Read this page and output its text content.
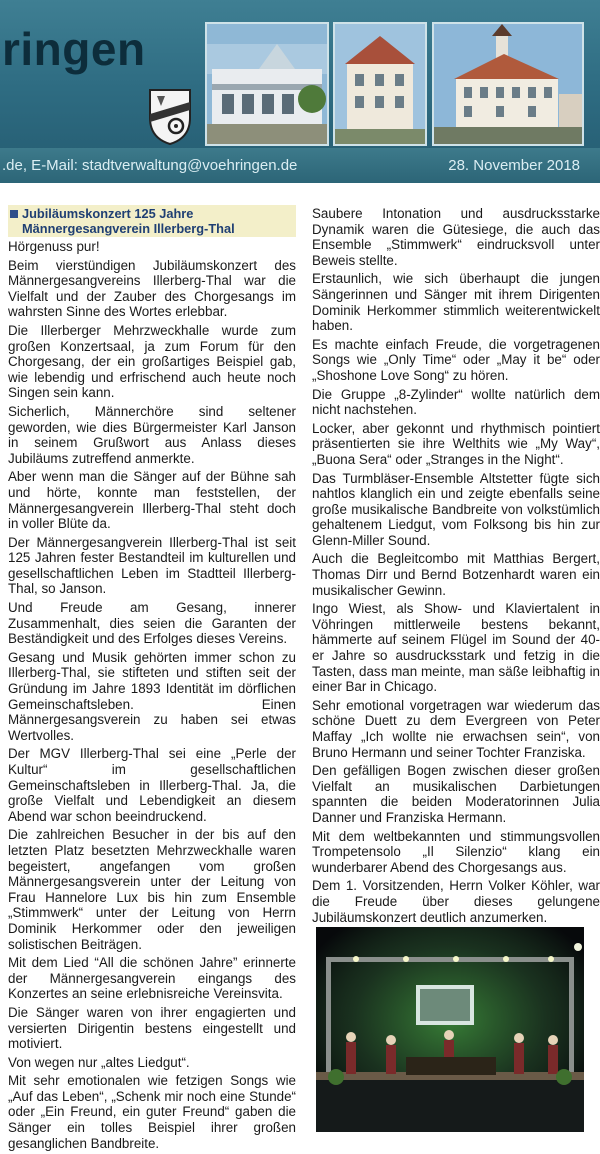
ringen
.de, E-Mail: stadtverwaltung@voehringen.de	28. November 2018
Jubiläumskonzert 125 Jahre
Männergesangverein Illerberg-Thal

Hörgenuss pur!

Beim vierstündigen Jubiläumskonzert des Männergesangvereins Illerberg-Thal war die Vielfalt und der Zauber des Chorgesangs im wahrsten Sinne des Wortes erlebbar.

Die Illerberger Mehrzweckhalle wurde zum großen Konzertsaal, ja zum Forum für den Chorgesang, der ein großartiges Beispiel gab, wie lebendig und erfrischend auch heute noch Singen sein kann.

Sicherlich, Männerchöre sind seltener geworden, wie dies Bürgermeister Karl Janson in seinem Grußwort aus Anlass dieses Jubiläums zutreffend anmerkte.

Aber wenn man die Sänger auf der Bühne sah und hörte, konnte man feststellen, der Männergesangverein Illerberg-Thal steht doch in voller Blüte da.

Der Männergesangverein Illerberg-Thal ist seit 125 Jahren fester Bestandteil im kulturellen und gesellschaftlichen Leben im Stadtteil Illerberg-Thal, so Janson.

Und Freude am Gesang, innerer Zusammenhalt, dies seien die Garanten der Beständigkeit und des Erfolges dieses Vereins.

Gesang und Musik gehörten immer schon zu Illerberg-Thal, sie stifteten und stiften seit der Gründung im Jahre 1893 Identität im dörflichen Gemeinschaftsleben. Einen Männergesangsverein zu haben sei etwas Wertvolles.

Der MGV Illerberg-Thal sei eine „Perle der Kultur“ im gesellschaftlichen Gemeinschaftsleben in Illerberg-Thal. Ja, die große Vielfalt und Lebendigkeit an diesem Abend war schon beeindruckend.

Die zahlreichen Besucher in der bis auf den letzten Platz besetzten Mehrzweckhalle waren begeistert, angefangen vom großen Männergesangsverein unter der Leitung von Frau Hannelore Lux bis hin zum Ensemble „Stimmwerk“ unter der Leitung von Herrn Dominik Herkommer oder den jeweiligen solistischen Beiträgen.

Mit dem Lied “All die schönen Jahre” erinnerte der Männergesangverein eingangs des Konzertes an seine erlebnisreiche Vereinsvita.

Die Sänger waren von ihrer engagierten und versierten Dirigentin bestens eingestellt und motiviert.

Von wegen nur „altes Liedgut“.

Mit sehr emotionalen wie fetzigen Songs wie „Auf das Leben“, „Schenk mir noch eine Stunde“ oder „Ein Freund, ein guter Freund“ gaben die Sänger ein tolles Beispiel ihrer großen gesanglichen Bandbreite.

Saubere Intonation und ausdrucksstarke Dynamik waren die Gütesiege, die auch das Ensemble „Stimmwerk“ eindrucksvoll unter Beweis stellte.

Erstaunlich, wie sich überhaupt die jungen Sängerinnen und Sänger mit ihrem Dirigenten Dominik Herkommer stimmlich weiterentwickelt haben.

Es machte einfach Freude, die vorgetragenen Songs wie „Only Time“ oder „May it be“ oder „Shoshone Love Song“ zu hören.

Die Gruppe „8-Zylinder“ wollte natürlich dem nicht nachstehen.

Locker, aber gekonnt und rhythmisch pointiert präsentierten sie ihre Welthits wie „My Way“, „Buona Sera“ oder „Stranges in the Night“.

Das Turmbläser-Ensemble Altstetter fügte sich nahtlos klanglich ein und zeigte ebenfalls seine große musikalische Bandbreite von volkstümlich gehaltenem Liedgut, vom Folksong bis hin zur Glenn-Miller Sound.

Auch die Begleitcombo mit Matthias Bergert, Thomas Dirr und Bernd Botzenhardt waren ein musikalischer Gewinn.

Ingo Wiest, als Show- und Klaviertalent in Vöhringen mittlerweile bestens bekannt, hämmerte auf seinem Flügel im Sound der 40-er Jahre so ausdrucksstark und fetzig in die Tasten, dass man meinte, man säße leibhaftig in einer Bar in Chicago.

Sehr emotional vorgetragen war wiederum das schöne Duett zu dem Evergreen von Peter Maffay „Ich wollte nie erwachsen sein“, von Bruno Hermann und seiner Tochter Franziska.

Den gefälligen Bogen zwischen dieser großen Vielfalt an musikalischen Darbietungen spannten die beiden Moderatorinnen Julia Danner und Franziska Hermann.

Mit dem weltbekannten und stimmungsvollen Trompetensolo „Il Silenzio“ klang ein wunderbarer Abend des Chorgesangs aus.

Dem 1. Vorsitzenden, Herrn Volker Köhler, war die Freude über dieses gelungene Jubiläumskonzert deutlich anzumerken.
